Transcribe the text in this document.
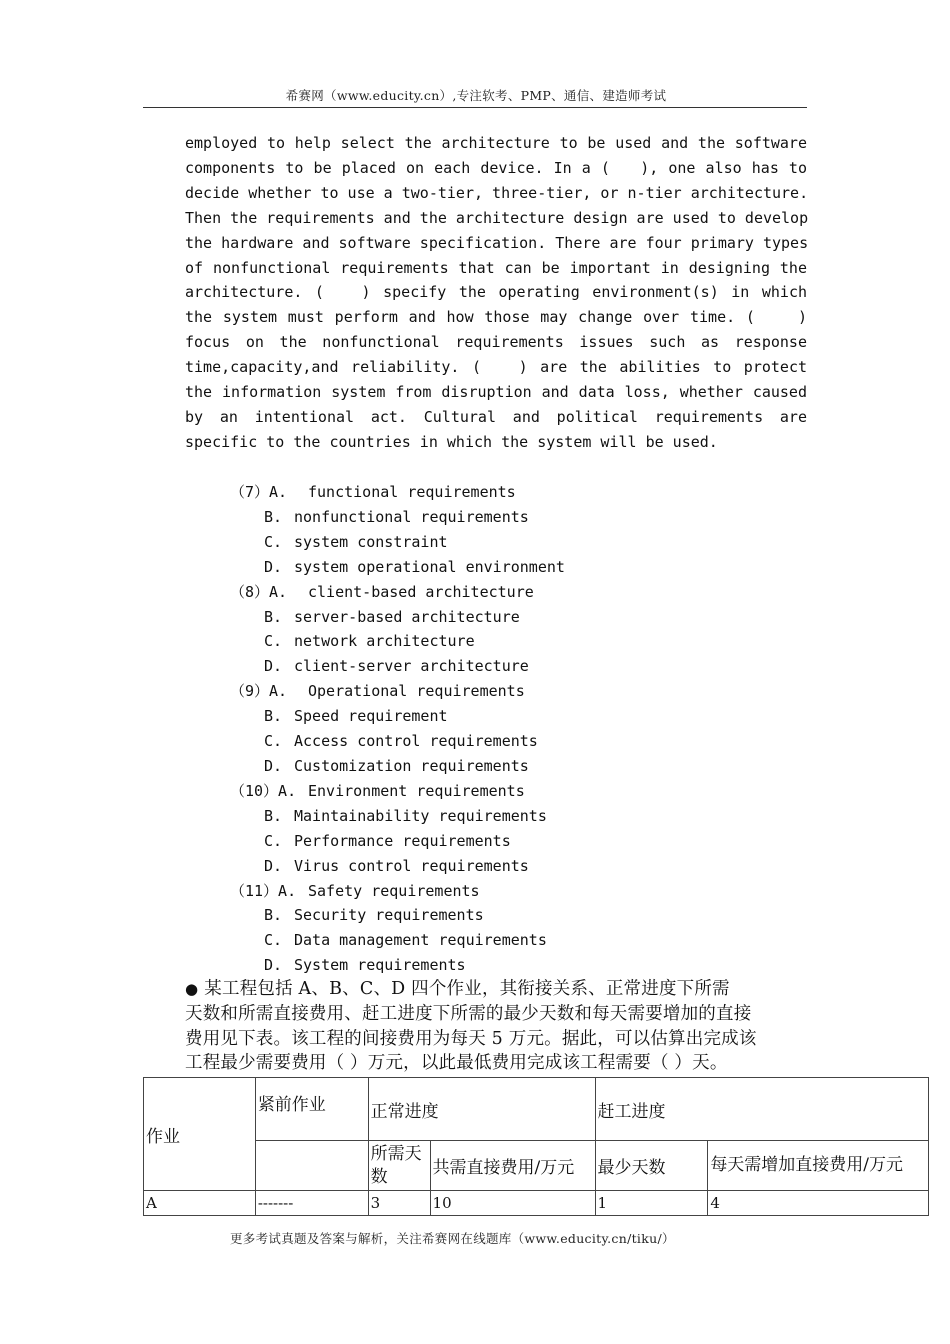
希赛网（www.educity.cn）,专注软考、PMP、通信、建造师考试
employed to help select the architecture to be used and the software
components to be placed on each device. In a (   ), one also has to
decide whether to use a two-tier, three-tier, or n-tier architecture.
Then the requirements and the architecture design are used to develop
the hardware and software specification. There are four primary types
of nonfunctional requirements that can be important in designing the
architecture. (   ) specify the operating environment(s) in which
the system must perform and how those may change over time. (    )
focus on the nonfunctional requirements issues such as response
time,capacity,and reliability. (   ) are the abilities to protect
the information system from disruption and data loss, whether caused
by an intentional act. Cultural and political requirements are
specific to the countries in which the system will be used.
（7）A. functional requirements
B. nonfunctional requirements
C. system constraint
D. system operational environment
（8）A. client-based architecture
B. server-based architecture
C. network architecture
D. client-server architecture
（9）A. Operational requirements
B. Speed requirement
C. Access control requirements
D. Customization requirements
（10）A. Environment requirements
B. Maintainability requirements
C. Performance requirements
D. Virus control requirements
（11）A. Safety requirements
B. Security requirements
C. Data management requirements
D. System requirements
● 某工程包括 A、B、C、D 四个作业，其衔接关系、正常进度下所需
天数和所需直接费用、赶工进度下所需的最少天数和每天需要增加的直接
费用见下表。该工程的间接费用为每天 5 万元。据此，可以估算出完成该
工程最少需要费用（ ）万元，以此最低费用完成该工程需要（ ）天。
作业	紧前作业	正常进度		赶工进度	
		所需天数	共需直接费用/万元	最少天数	每天需增加直接费用/万元
A	-------	3	10	1	4
更多考试真题及答案与解析，关注希赛网在线题库（www.educity.cn/tiku/）
